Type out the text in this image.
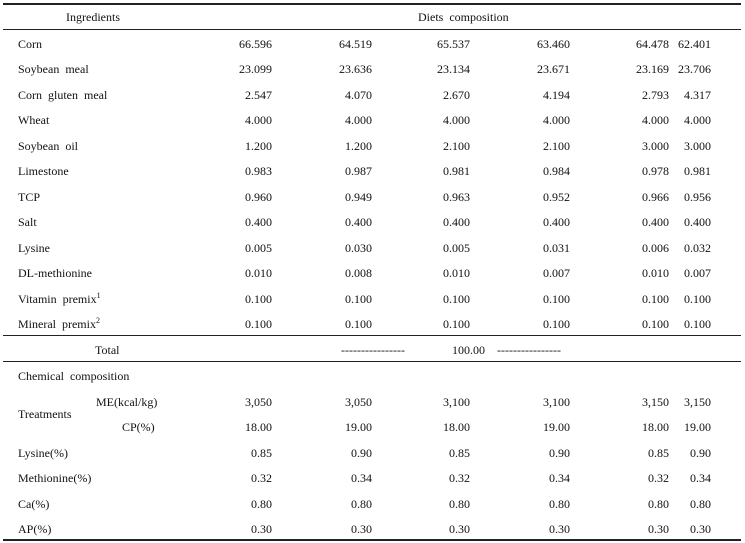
Ingredients	Diets composition
Corn	66.596	64.519	65.537	63.460	64.478 62.401
Soybean meal	23.099	23.636	23.134	23.671	23.169 23.706
Corn gluten meal	2.547	4.070	2.670	4.194	2.793	4.317
Wheat	4.000	4.000	4.000	4.000	4.000	4.000
Soybean oil	1.200	1.200	2.100	2.100	3.000	3.000
Limestone	0.983	0.987	0.981	0.984	0.978	0.981
TCP	0.960	0.949	0.963	0.952	0.966	0.956
Salt	0.400	0.400	0.400	0.400	0.400	0.400
Lysine	0.005	0.030	0.005	0.031	0.006	0.032
DL-methionine	0.010	0.008	0.010	0.007	0.010	0.007
Vitamin premix$^1$	0.100	0.100	0.100	0.100	0.100	0.100
Mineral premix$^2$	0.100	0.100	0.100	0.100	0.100	0.100
Total	----------------	100.00 ----------------
Chemical composition
Treatments
ME(kcal/kg)	3,050	3,050	3,100	3,100	3,150	3,150
CP(%)	18.00	19.00	18.00	19.00	18.00	19.00
Lysine(%)	0.85	0.90	0.85	0.90	0.85	0.90
Methionine(%)	0.32	0.34	0.32	0.34	0.32	0.34
Ca(%)	0.80	0.80	0.80	0.80	0.80	0.80
AP(%)	0.30	0.30	0.30	0.30	0.30	0.30
